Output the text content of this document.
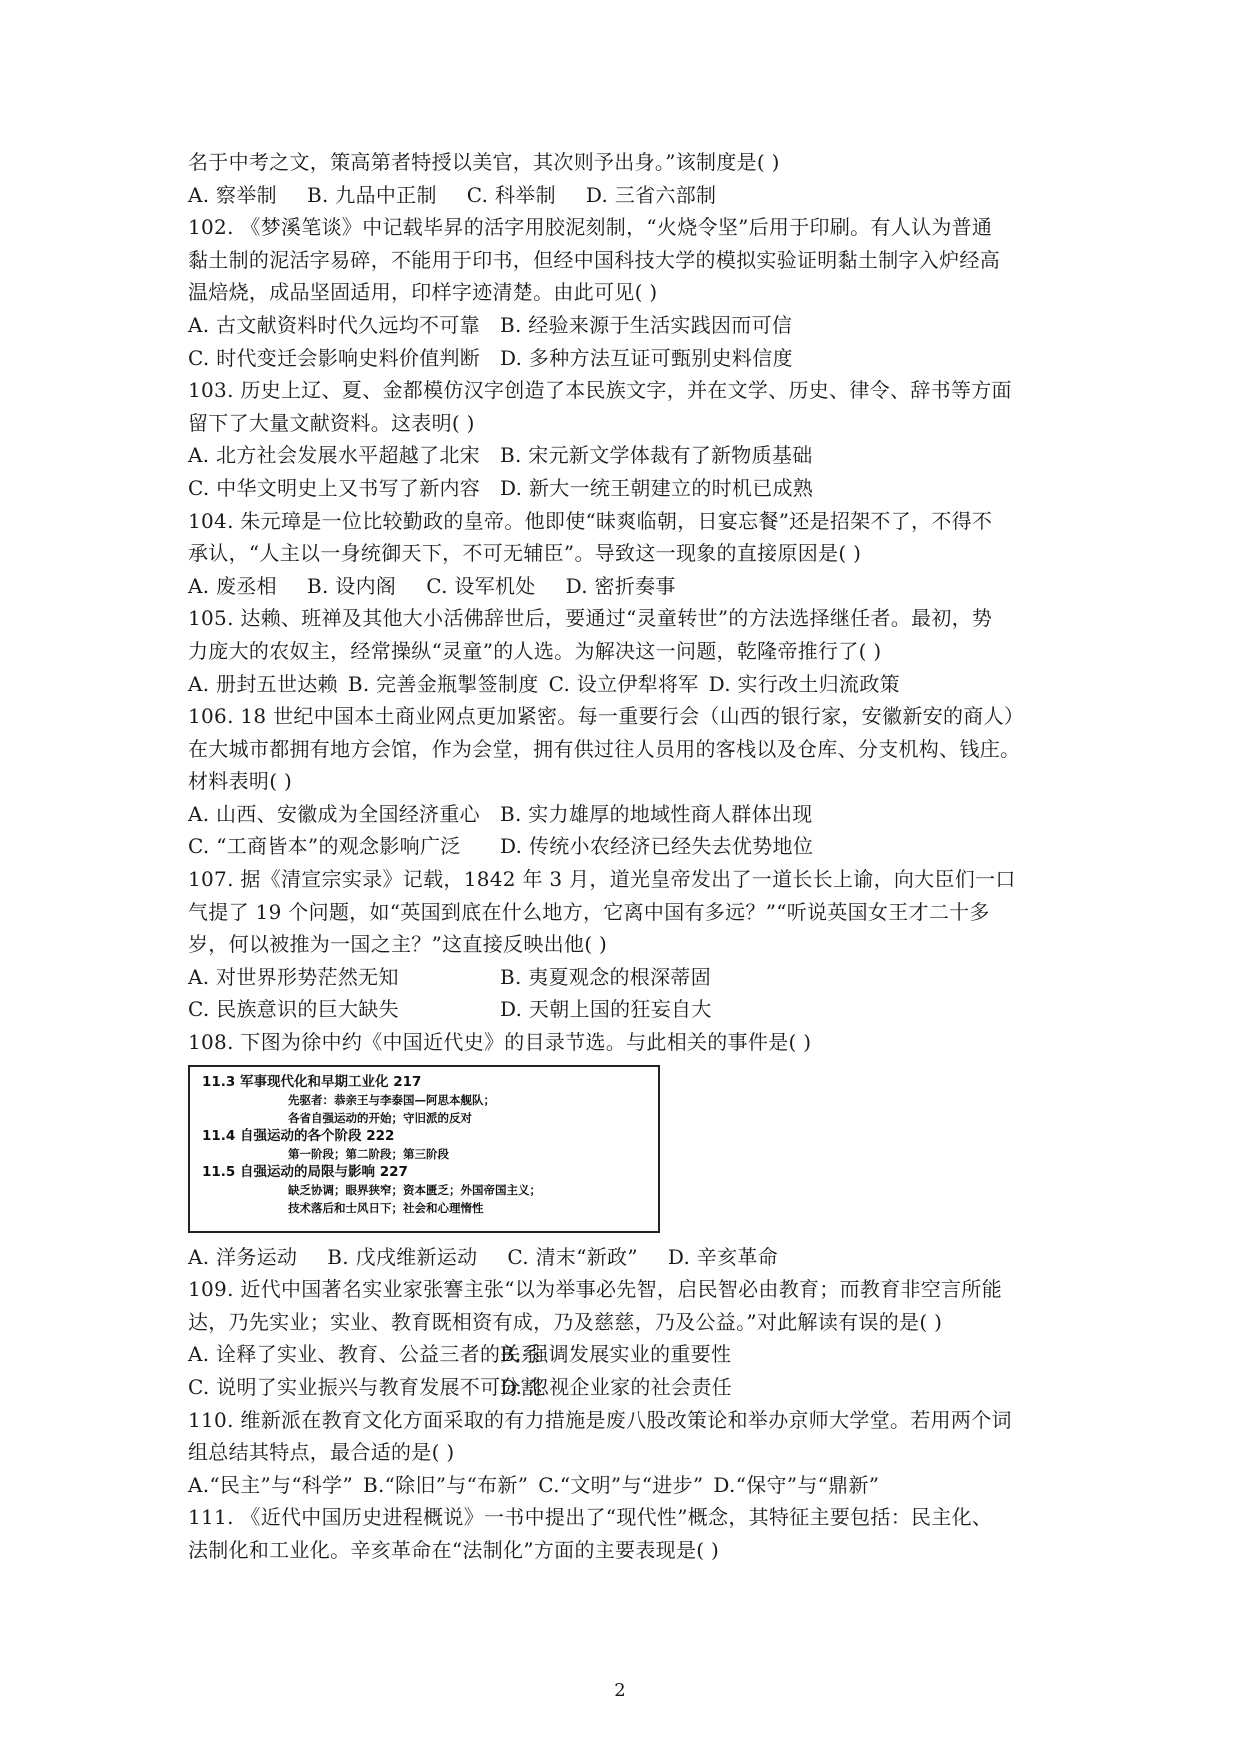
名于中考之文，策高第者特授以美官，其次则予出身。”该制度是( )
A. 察举制 B. 九品中正制 C. 科举制 D. 三省六部制
102. 《梦溪笔谈》中记载毕昇的活字用胶泥刻制，“火烧令坚”后用于印刷。有人认为普通
黏土制的泥活字易碎，不能用于印书，但经中国科技大学的模拟实验证明黏土制字入炉经高
温焙烧，成品坚固适用，印样字迹清楚。由此可见( )
A. 古文献资料时代久远均不可靠	B. 经验来源于生活实践因而可信
C. 时代变迁会影响史料价值判断 D. 多种方法互证可甄别史料信度
103. 历史上辽、夏、金都模仿汉字创造了本民族文字，并在文学、历史、律令、辞书等方面
留下了大量文献资料。这表明( )
A. 北方社会发展水平超越了北宋	B. 宋元新文学体裁有了新物质基础
C. 中华文明史上又书写了新内容 D. 新大一统王朝建立的时机已成熟
104. 朱元璋是一位比较勤政的皇帝。他即使“昧爽临朝，日宴忘餐”还是招架不了，不得不
承认，“人主以一身统御天下，不可无辅臣”。导致这一现象的直接原因是( )
A. 废丞相 B. 设内阁 C. 设军机处 D. 密折奏事
105. 达赖、班禅及其他大小活佛辞世后，要通过“灵童转世”的方法选择继任者。最初，势
力庞大的农奴主，经常操纵“灵童”的人选。为解决这一问题，乾隆帝推行了( )
A. 册封五世达赖 B. 完善金瓶掣签制度 C. 设立伊犁将军 D. 实行改土归流政策
106. 18 世纪中国本土商业网点更加紧密。每一重要行会（山西的银行家，安徽新安的商人）
在大城市都拥有地方会馆，作为会堂，拥有供过往人员用的客栈以及仓库、分支机构、钱庄。
材料表明( )
A. 山西、安徽成为全国经济重心	B. 实力雄厚的地域性商人群体出现
C. “工商皆本”的观念影响广泛	D. 传统小农经济已经失去优势地位
107. 据《清宣宗实录》记载，1842 年 3 月，道光皇帝发出了一道长长上谕，向大臣们一口
气提了 19 个问题，如“英国到底在什么地方，它离中国有多远？”“听说英国女王才二十多
岁，何以被推为一国之主？”这直接反映出他( )
A. 对世界形势茫然无知	B. 夷夏观念的根深蒂固
C. 民族意识的巨大缺失	D. 天朝上国的狂妄自大
108. 下图为徐中约《中国近代史》的目录节选。与此相关的事件是( )
11.3 军事现代化和早期工业化 217
先驱者：恭亲王与李泰国—阿思本舰队；
各省自强运动的开始；守旧派的反对
11.4 自强运动的各个阶段 222
第一阶段；第二阶段；第三阶段
11.5 自强运动的局限与影响 227
缺乏协调；眼界狭窄；资本匮乏；外国帝国主义；
技术落后和士风日下；社会和心理惰性
A. 洋务运动 B. 戊戌维新运动 C. 清末“新政” D. 辛亥革命
109. 近代中国著名实业家张謇主张“以为举事必先智，启民智必由教育；而教育非空言所能
达，乃先实业；实业、教育既相资有成，乃及慈慈，乃及公益。”对此解读有误的是( )
A. 诠释了实业、教育、公益三者的关系
B. 强调发展实业的重要性
C. 说明了实业振兴与教育发展不可分割
D. 忽视企业家的社会责任
110. 维新派在教育文化方面采取的有力措施是废八股改策论和举办京师大学堂。若用两个词
组总结其特点，最合适的是( )
A.“民主”与“科学” B.“除旧”与“布新” C.“文明”与“进步” D.“保守”与“鼎新”
111. 《近代中国历史进程概说》一书中提出了“现代性”概念，其特征主要包括：民主化、
法制化和工业化。辛亥革命在“法制化”方面的主要表现是( )
2
